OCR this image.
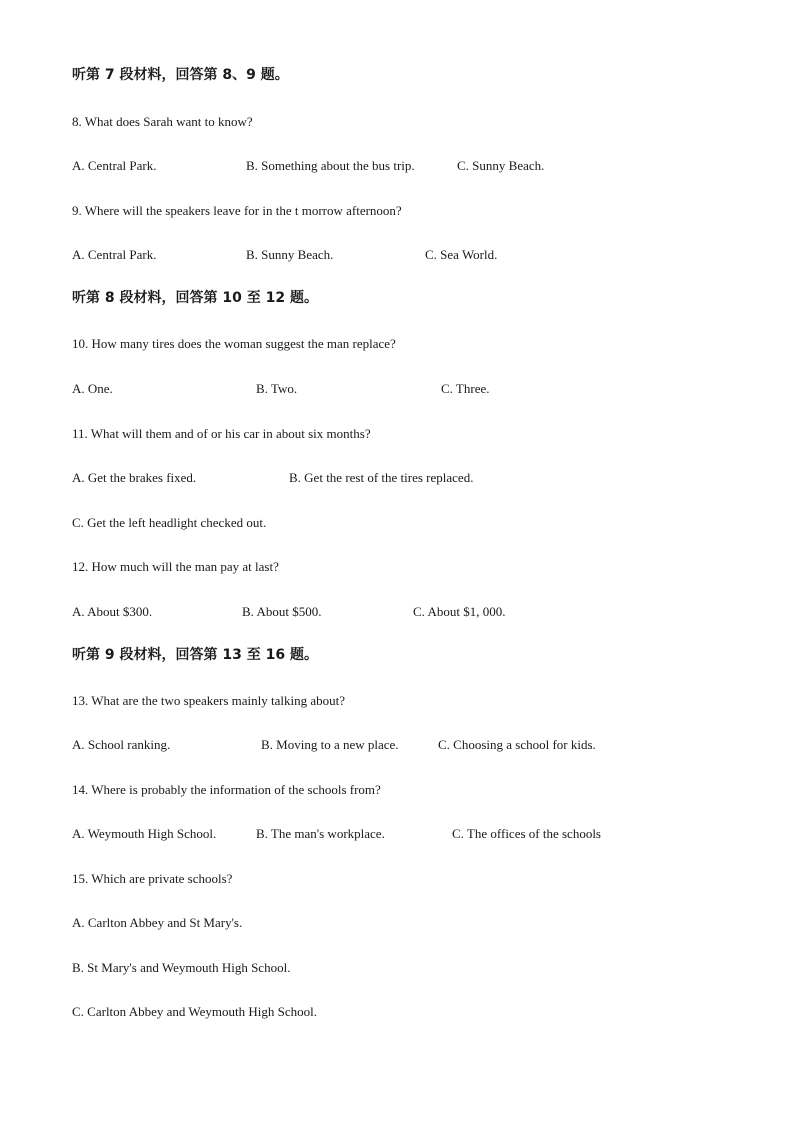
听第 7 段材料，回答第 8、9 题。
8. What does Sarah want to know?
A. Central Park.	B. Something about the bus trip.	C. Sunny Beach.
9. Where will the speakers leave for in the t morrow afternoon?
A. Central Park.	B. Sunny Beach.	C. Sea World.
听第 8 段材料，回答第 10 至 12 题。
10. How many tires does the woman suggest the man replace?
A. One.	B. Two.	C. Three.
11. What will them and of or his car in about six months?
A. Get the brakes fixed.	B. Get the rest of the tires replaced.
C. Get the left headlight checked out.
12. How much will the man pay at last?
A. About $300.	B. About $500.	C. About $1, 000.
听第 9 段材料，回答第 13 至 16 题。
13. What are the two speakers mainly talking about?
A. School ranking.	B. Moving to a new place.	C. Choosing a school for kids.
14. Where is probably the information of the schools from?
A. Weymouth High School.	B. The man's workplace.	C. The offices of the schools
15. Which are private schools?
A. Carlton Abbey and St Mary's.
B. St Mary's and Weymouth High School.
C. Carlton Abbey and Weymouth High School.
